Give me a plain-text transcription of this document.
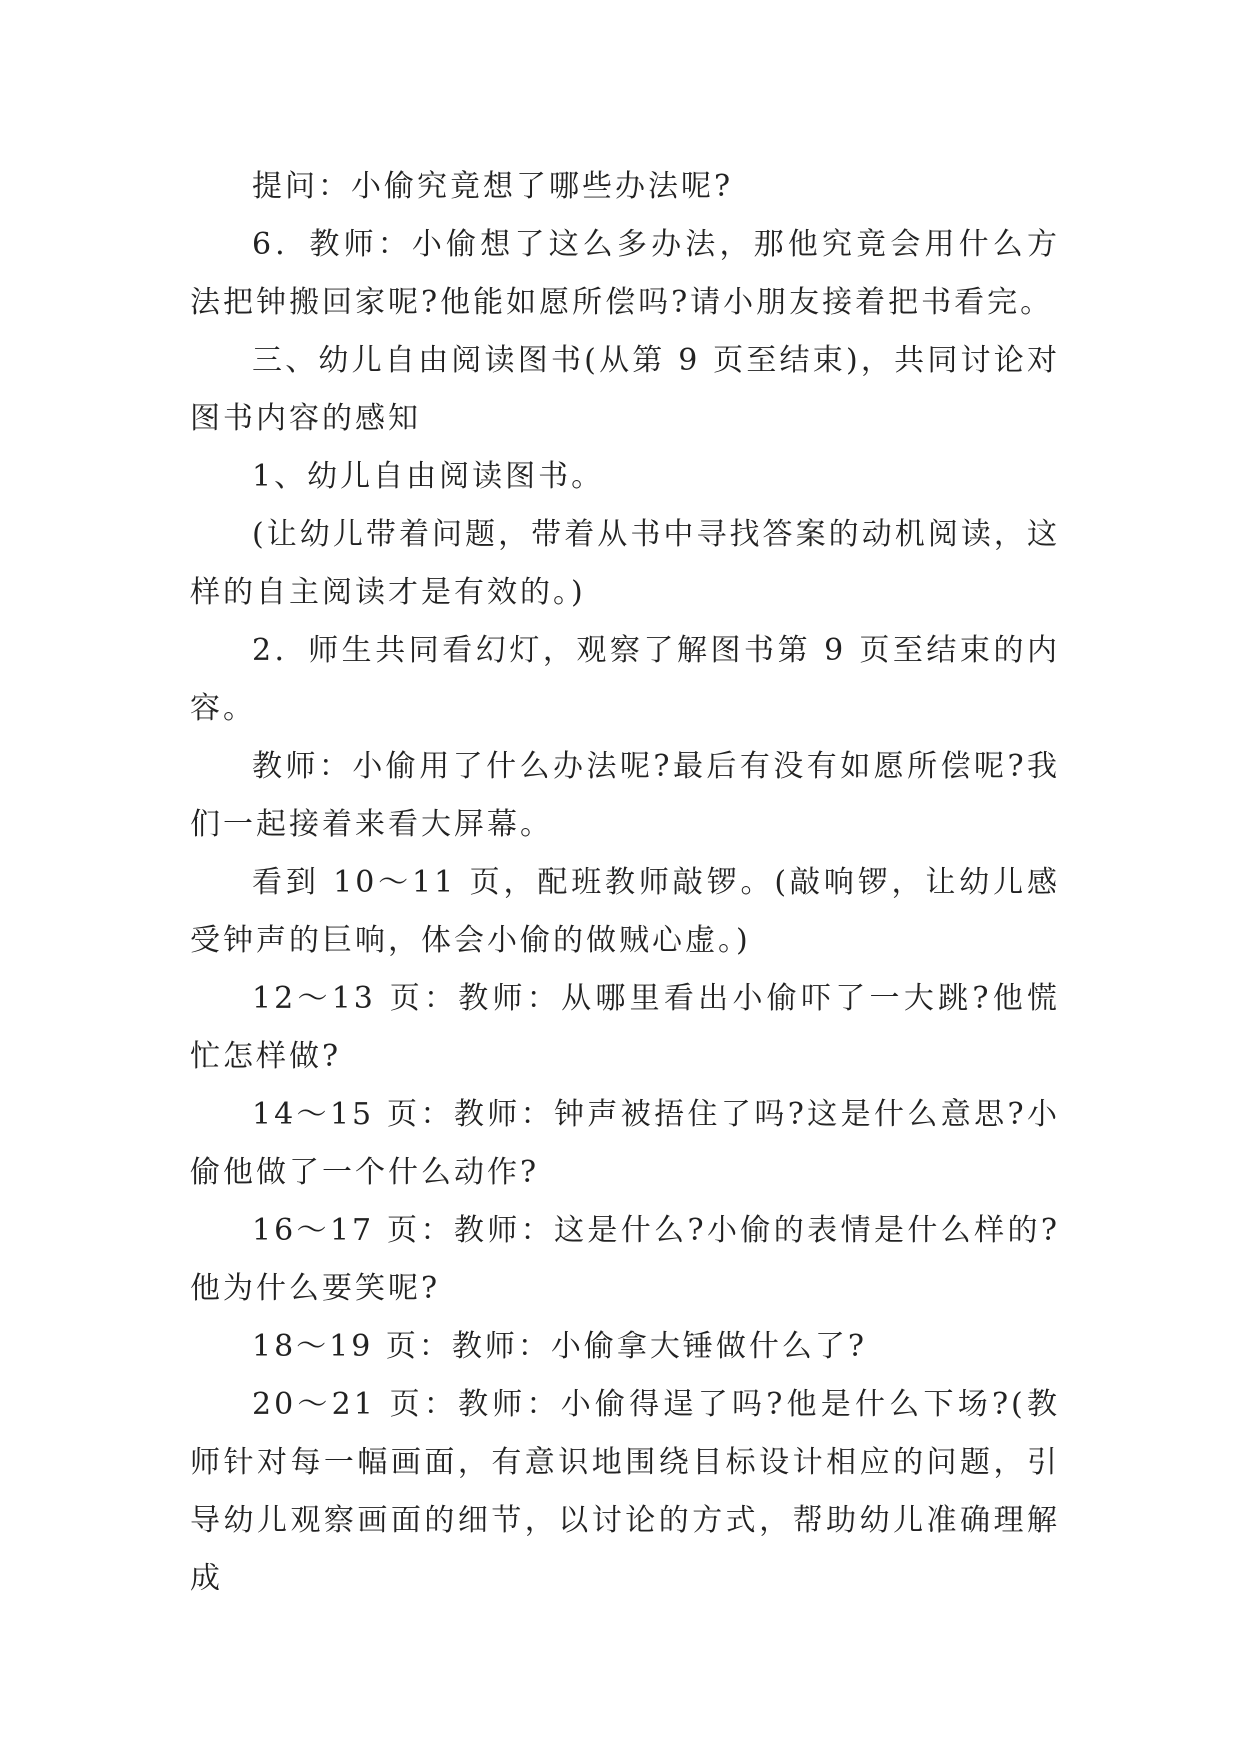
提问：小偷究竟想了哪些办法呢?

6．教师：小偷想了这么多办法，那他究竟会用什么方法把钟搬回家呢?他能如愿所偿吗?请小朋友接着把书看完。

三、幼儿自由阅读图书(从第 9 页至结束)，共同讨论对图书内容的感知

1、幼儿自由阅读图书。

(让幼儿带着问题，带着从书中寻找答案的动机阅读，这样的自主阅读才是有效的。)

2．师生共同看幻灯，观察了解图书第 9 页至结束的内容。

教师：小偷用了什么办法呢?最后有没有如愿所偿呢?我们一起接着来看大屏幕。

看到 10～11 页，配班教师敲锣。(敲响锣，让幼儿感受钟声的巨响，体会小偷的做贼心虚。)

12～13 页：教师：从哪里看出小偷吓了一大跳?他慌忙怎样做?

14～15 页：教师：钟声被捂住了吗?这是什么意思?小偷他做了一个什么动作?

16～17 页：教师：这是什么?小偷的表情是什么样的?他为什么要笑呢?

18～19 页：教师：小偷拿大锤做什么了?

20～21 页：教师：小偷得逞了吗?他是什么下场?(教师针对每一幅画面，有意识地围绕目标设计相应的问题，引导幼儿观察画面的细节，以讨论的方式，帮助幼儿准确理解成
